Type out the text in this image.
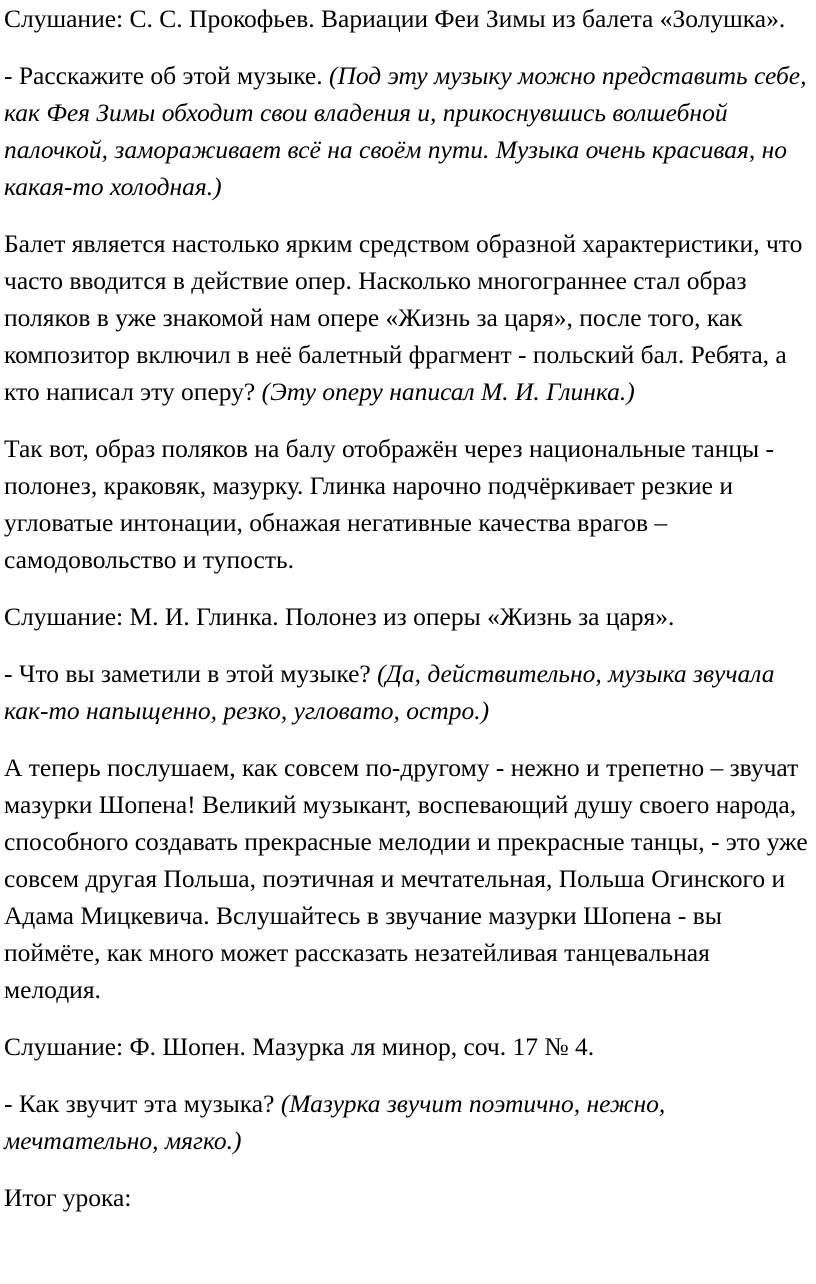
Слушание: С. С. Прокофьев. Вариации Феи Зимы из балета «Золушка».

- Расскажите об этой музыке. (Под эту музыку можно представить себе, как Фея Зимы обходит свои владения и, прикоснувшись волшебной палочкой, замораживает всё на своём пути. Музыка очень красивая, но какая-то холодная.)

Балет является настолько ярким средством образной характеристики, что часто вводится в действие опер. Насколько многограннее стал образ поляков в уже знакомой нам опере «Жизнь за царя», после того, как композитор включил в неё балетный фрагмент - польский бал. Ребята, а кто написал эту оперу? (Эту оперу написал М. И. Глинка.)

Так вот, образ поляков на балу отображён через национальные танцы - полонез, краковяк, мазурку. Глинка нарочно подчёркивает резкие и угловатые интонации, обнажая негативные качества врагов – самодовольство и тупость.

Слушание: М. И. Глинка. Полонез из оперы «Жизнь за царя».

- Что вы заметили в этой музыке? (Да, действительно, музыка звучала как-то напыщенно, резко, угловато, остро.)

А теперь послушаем, как совсем по-другому - нежно и трепетно – звучат мазурки Шопена! Великий музыкант, воспевающий душу своего народа, способного создавать прекрасные мелодии и прекрасные танцы, - это уже совсем другая Польша, поэтичная и мечтательная, Польша Огинского и Адама Мицкевича. Вслушайтесь в звучание мазурки Шопена - вы поймёте, как много может рассказать незатейливая танцевальная мелодия.

Слушание: Ф. Шопен. Мазурка ля минор, соч. 17 № 4.

- Как звучит эта музыка? (Мазурка звучит поэтично, нежно, мечтательно, мягко.)

Итог урока:
